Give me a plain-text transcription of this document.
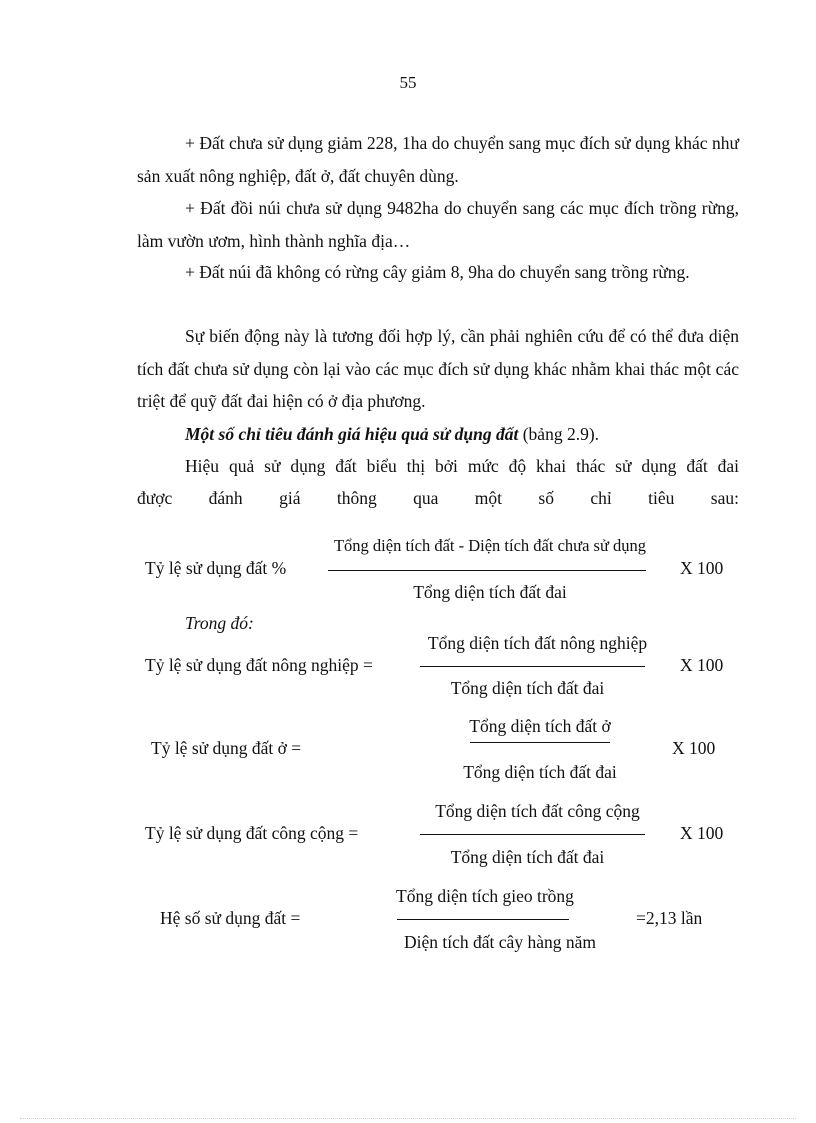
55
+ Đất chưa sử dụng giảm 228, 1ha do chuyển sang mục đích sử dụng khác như sản xuất nông nghiệp, đất ở, đất chuyên dùng.
+ Đất đồi núi chưa sử dụng 9482ha do chuyển sang các mục đích trồng rừng, làm vườn ươm, hình thành nghĩa địa…
+ Đất núi đã không có rừng cây giảm 8, 9ha do chuyển sang trồng rừng.
Sự biến động này là tương đối hợp lý, cần phải nghiên cứu để có thể đưa diện tích đất chưa sử dụng còn lại vào các mục đích sử dụng khác nhằm khai thác một các triệt để quỹ đất đai hiện có ở địa phương.
Một số chỉ tiêu đánh giá hiệu quả sử dụng đất (bảng 2.9).
Hiệu quả sử dụng đất biểu thị bởi mức độ khai thác sử dụng đất đai
được đánh giá thông qua một số chỉ tiêu sau:
Tỷ lệ sử dụng đất %
Tổng diện tích đất - Diện tích đất chưa sử dụng
Tổng diện tích đất đai
X 100
Trong đó:
Tỷ lệ sử dụng đất nông nghiệp =
Tổng diện tích đất nông nghiệp
Tổng diện tích đất đai
X 100
Tỷ lệ sử dụng đất ở =
Tổng diện tích đất ở
Tổng diện tích đất đai
X 100
Tỷ lệ sử dụng đất công cộng =
Tổng diện tích đất công cộng
Tổng diện tích đất đai
X 100
Hệ số sử dụng đất =
Tổng diện tích gieo trồng
Diện tích đất cây hàng năm
=2,13 lần
